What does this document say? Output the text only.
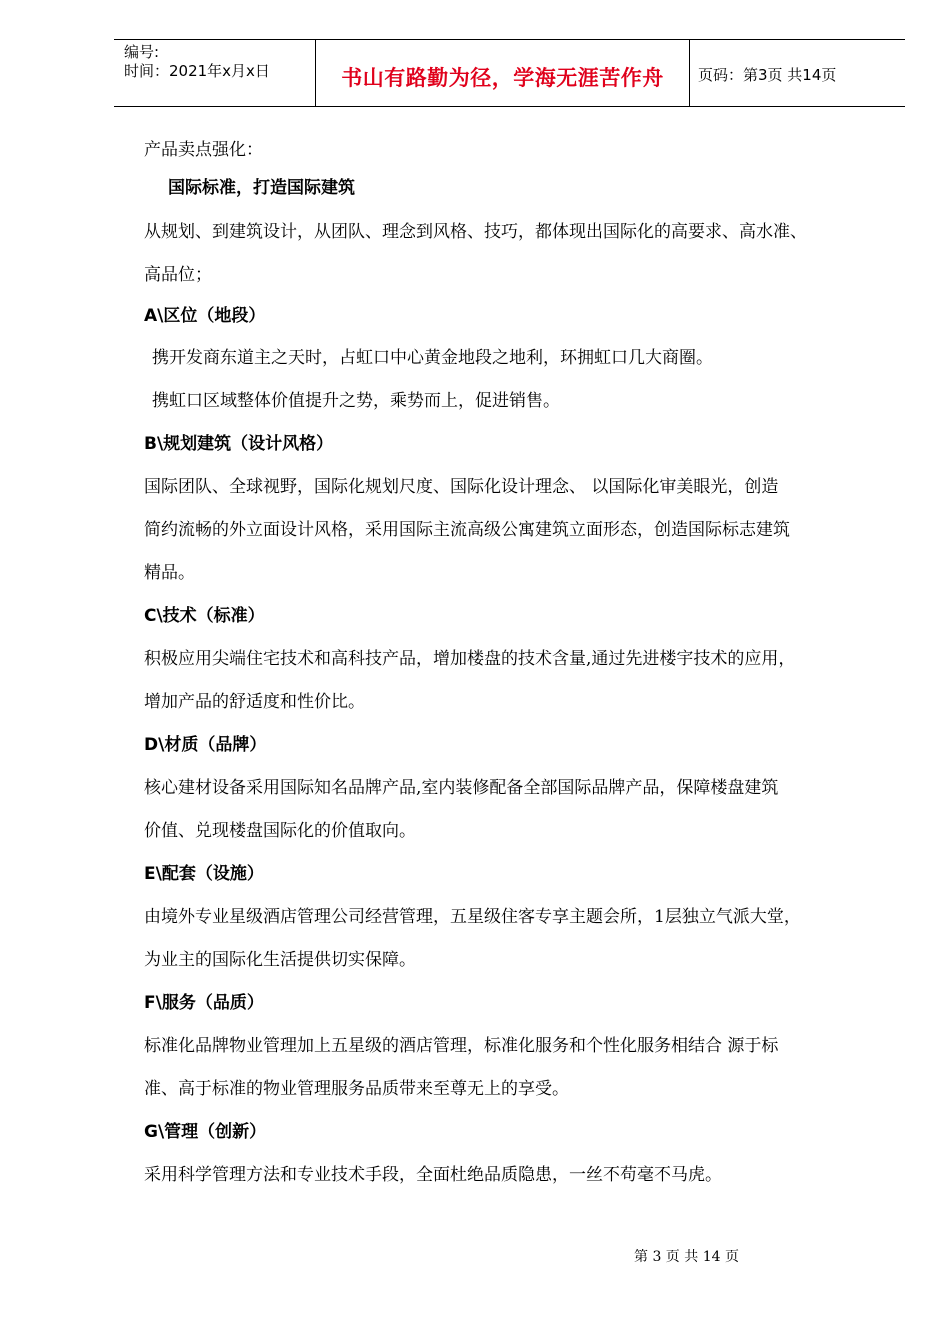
编号:
时间：2021年x月x日	书山有路勤为径，学海无涯苦作舟	页码：第3页 共14页
产品卖点强化：
国际标准，打造国际建筑
从规划、到建筑设计，从团队、理念到风格、技巧，都体现出国际化的高要求、高水准、
高品位；
A\区位（地段）
携开发商东道主之天时，占虹口中心黄金地段之地利，环拥虹口几大商圈。
携虹口区域整体价值提升之势，乘势而上，促进销售。
B\规划建筑（设计风格）
国际团队、全球视野，国际化规划尺度、国际化设计理念、 以国际化审美眼光，创造
简约流畅的外立面设计风格，采用国际主流高级公寓建筑立面形态，创造国际标志建筑
精品。
C\技术（标准）
积极应用尖端住宅技术和高科技产品，增加楼盘的技术含量,通过先进楼宇技术的应用，
增加产品的舒适度和性价比。
D\材质（品牌）
核心建材设备采用国际知名品牌产品,室内装修配备全部国际品牌产品，保障楼盘建筑
价值、兑现楼盘国际化的价值取向。
E\配套（设施）
由境外专业星级酒店管理公司经营管理，五星级住客专享主题会所，1层独立气派大堂，
为业主的国际化生活提供切实保障。
F\服务（品质）
标准化品牌物业管理加上五星级的酒店管理，标准化服务和个性化服务相结合 源于标
准、高于标准的物业管理服务品质带来至尊无上的享受。
G\管理（创新）
采用科学管理方法和专业技术手段，全面杜绝品质隐患，一丝不苟毫不马虎。
第 3 页 共 14 页
